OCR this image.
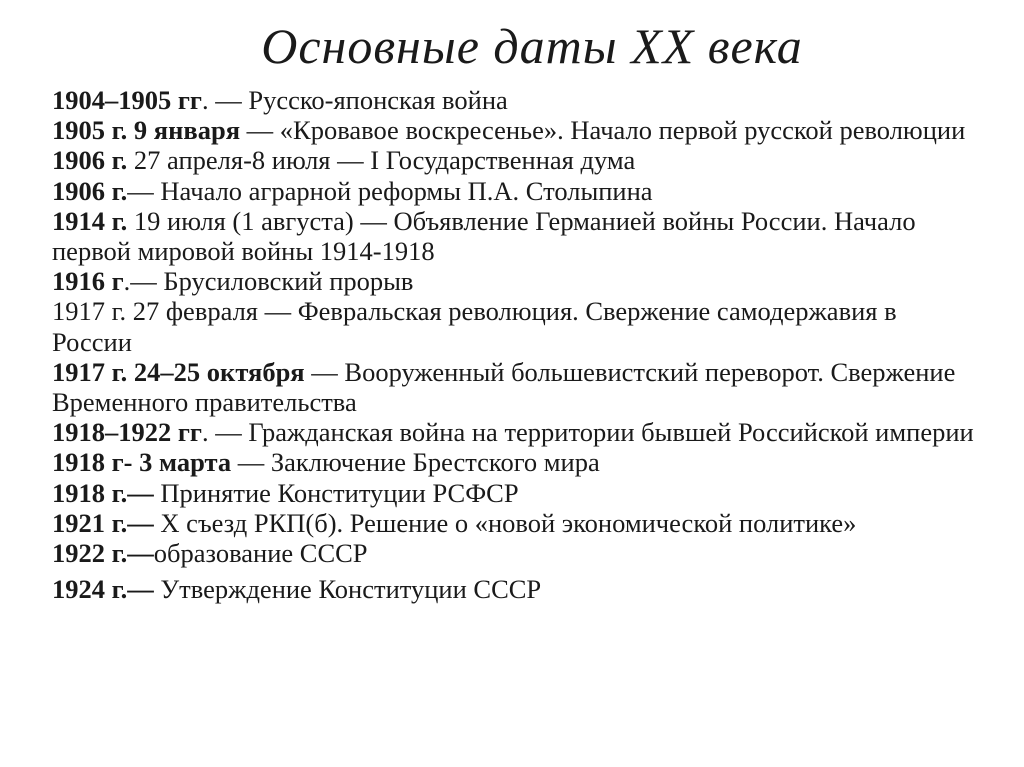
Основные даты XX века
1904–1905 гг. — Русско-японская война
1905 г. 9 января — «Кровавое воскресенье». Начало первой русской революции
1906 г. 27 апреля-8 июля — I Государственная дума
1906 г.— Начало аграрной реформы П.А. Столыпина
1914 г. 19 июля (1 августа) — Объявление Германией войны России. Начало первой мировой войны 1914-1918
1916 г.— Брусиловский прорыв
1917 г. 27 февраля — Февральская революция. Свержение самодержавия в России
1917 г. 24–25 октября — Вооруженный большевистский переворот. Свержение Временного правительства
1918–1922 гг. — Гражданская война на территории бывшей Российской империи
1918 г- 3 марта — Заключение Брестского мира
1918 г.— Принятие Конституции РСФСР
1921 г.— X съезд РКП(б). Решение о «новой экономической политике»
1922 г.—образование СССР
1924 г.— Утверждение Конституции СССР
